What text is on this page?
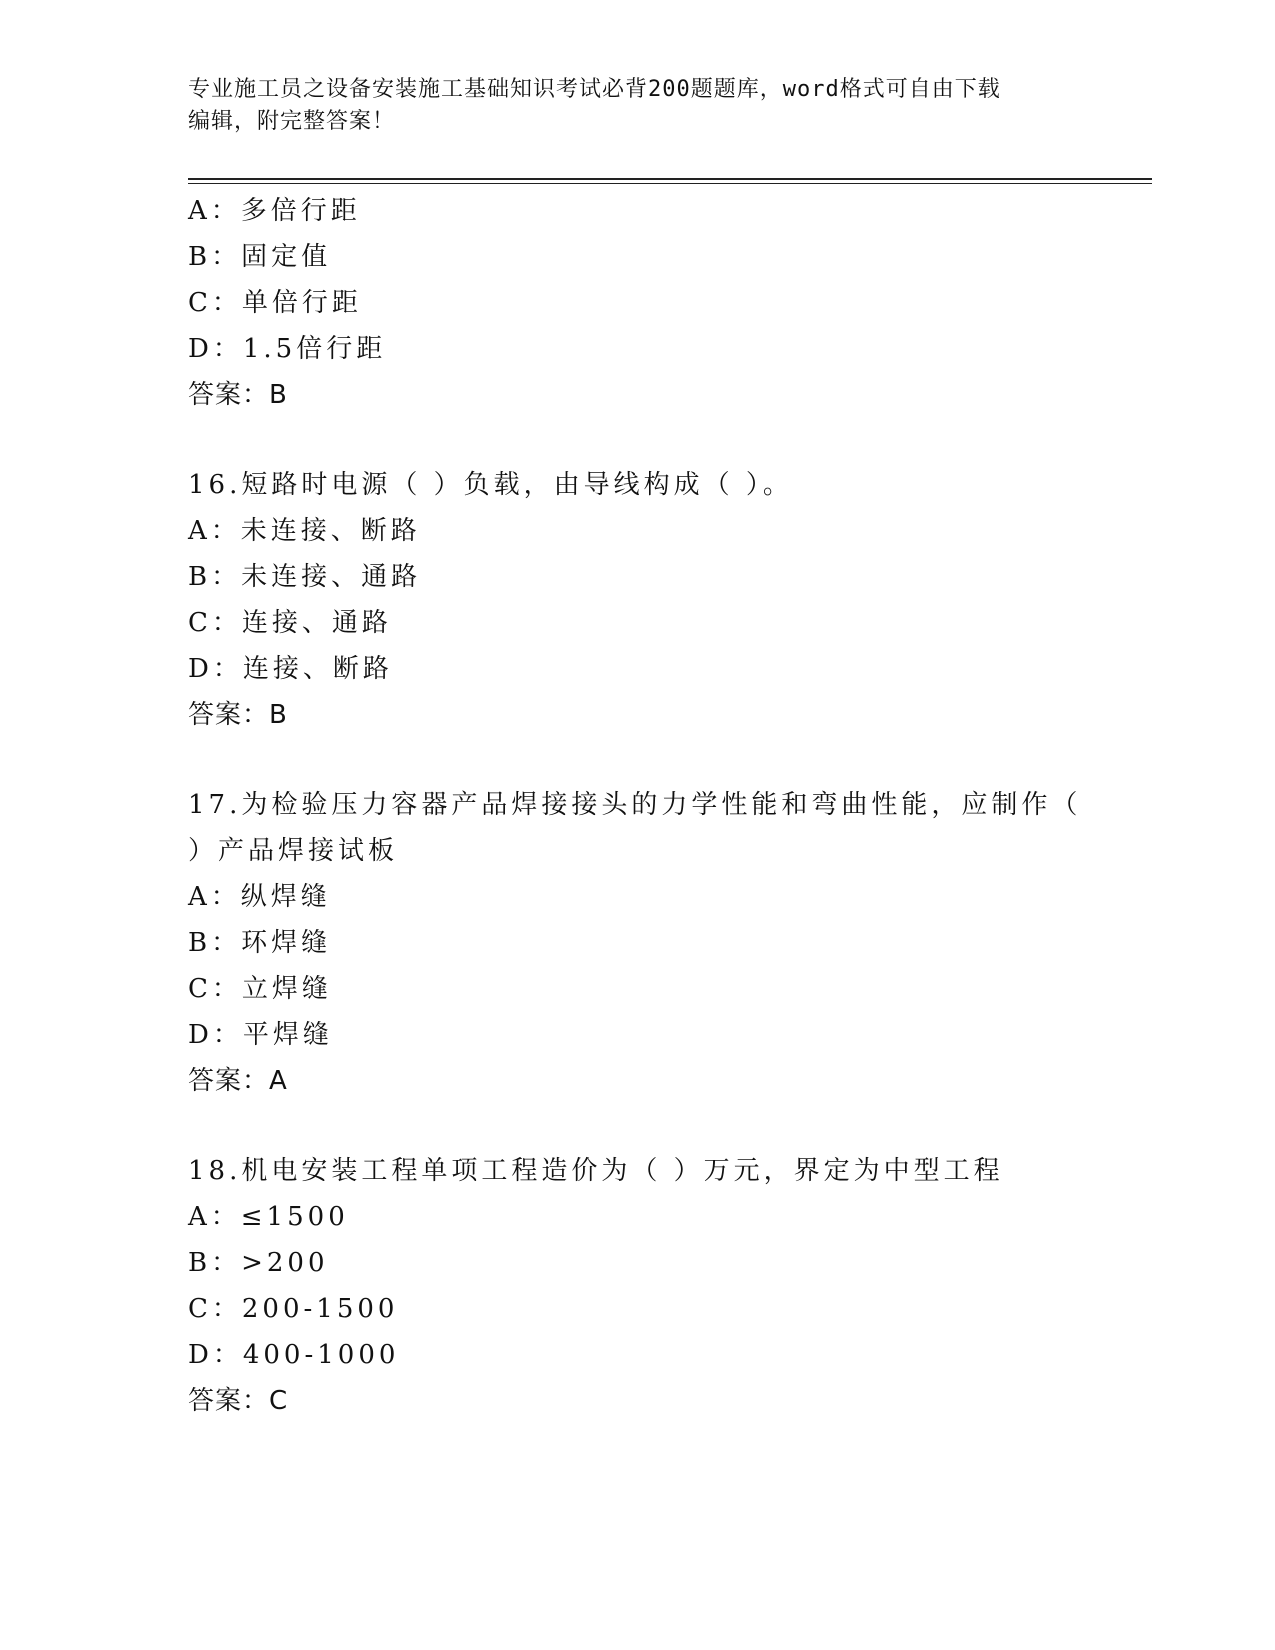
专业施工员之设备安装施工基础知识考试必背200题题库，word格式可自由下载
编辑，附完整答案！
A：多倍行距
B：固定值
C：单倍行距
D：1.5倍行距
答案：B
16.短路时电源（ ）负载，由导线构成（ ）。
A：未连接、断路
B：未连接、通路
C：连接、通路
D：连接、断路
答案：B
17.为检验压力容器产品焊接接头的力学性能和弯曲性能，应制作（
）产品焊接试板
A：纵焊缝
B：环焊缝
C：立焊缝
D：平焊缝
答案：A
18.机电安装工程单项工程造价为（ ）万元，界定为中型工程
A：≤1500
B：>200
C：200-1500
D：400-1000
答案：C
